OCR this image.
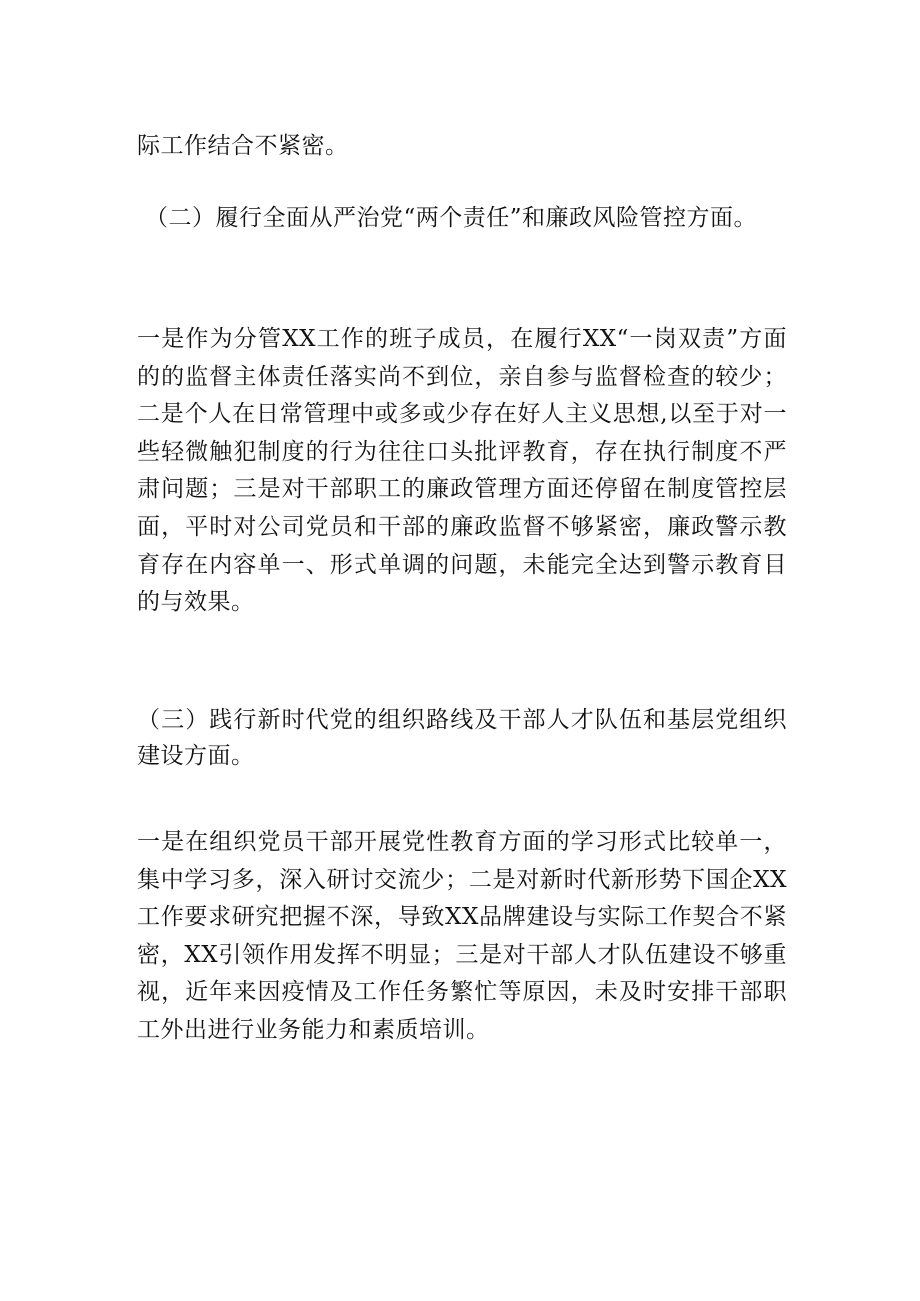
际工作结合不紧密。

（二）履行全面从严治党“两个责任”和廉政风险管控方面。

一是作为分管XX工作的班子成员，在履行XX“一岗双责”方面的的监督主体责任落实尚不到位，亲自参与监督检查的较少；二是个人在日常管理中或多或少存在好人主义思想,以至于对一些轻微触犯制度的行为往往口头批评教育，存在执行制度不严肃问题；三是对干部职工的廉政管理方面还停留在制度管控层面，平时对公司党员和干部的廉政监督不够紧密，廉政警示教育存在内容单一、形式单调的问题，未能完全达到警示教育目的与效果。

（三）践行新时代党的组织路线及干部人才队伍和基层党组织建设方面。

一是在组织党员干部开展党性教育方面的学习形式比较单一，集中学习多，深入研讨交流少；二是对新时代新形势下国企XX工作要求研究把握不深，导致XX品牌建设与实际工作契合不紧密，XX引领作用发挥不明显；三是对干部人才队伍建设不够重视，近年来因疫情及工作任务繁忙等原因，未及时安排干部职工外出进行业务能力和素质培训。
